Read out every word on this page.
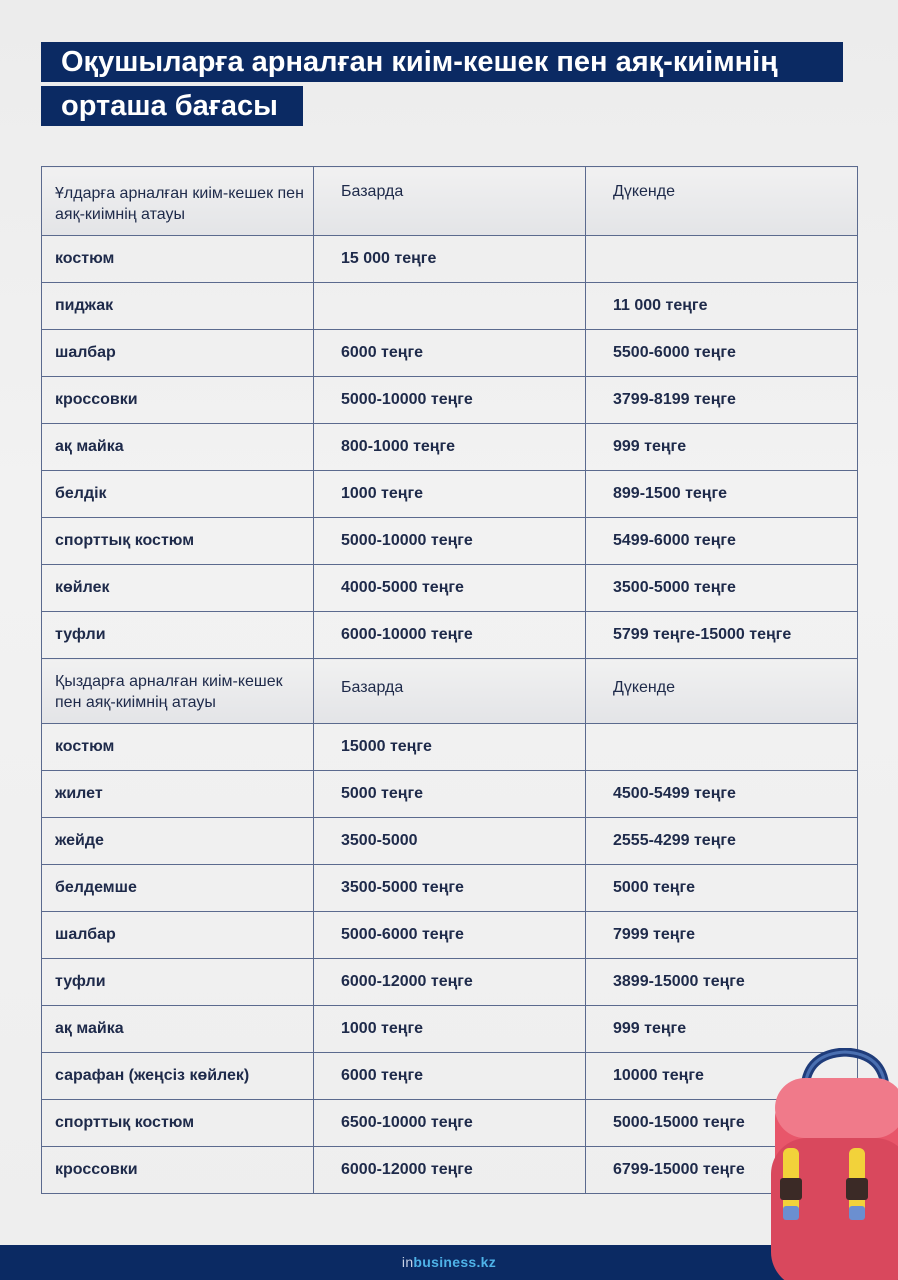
Оқушыларға арналған киім-кешек пен аяқ-киімнің
орташа бағасы
Ұлдарға арналған киім-кешек пен аяқ-киімнің атауы	Базарда	Дүкенде
костюм	15 000 теңге	
пиджак		11 000 теңге
шалбар	6000 теңге	5500-6000 теңге
кроссовки	5000-10000 теңге	3799-8199 теңге
ақ майка	800-1000 теңге	999 теңге
белдік	1000 теңге	899-1500 теңге
спорттық костюм	5000-10000 теңге	5499-6000 теңге
көйлек	4000-5000 теңге	3500-5000 теңге
туфли	6000-10000 теңге	5799 теңге-15000 теңге
Қыздарға арналған киім-кешек пен аяқ-киімнің атауы	Базарда	Дүкенде
костюм	15000 теңге	
жилет	5000 теңге	4500-5499 теңге
жейде	3500-5000	2555-4299 теңге
белдемше	3500-5000 теңге	5000 теңге
шалбар	5000-6000 теңге	7999 теңге
туфли	6000-12000 теңге	3899-15000 теңге
ақ майка	1000 теңге	999 теңге
сарафан (жеңсіз көйлек)	6000 теңге	10000 теңге
спорттық костюм	6500-10000 теңге	5000-15000 теңге
кроссовки	6000-12000 теңге	6799-15000 теңге
inbusiness.kz
